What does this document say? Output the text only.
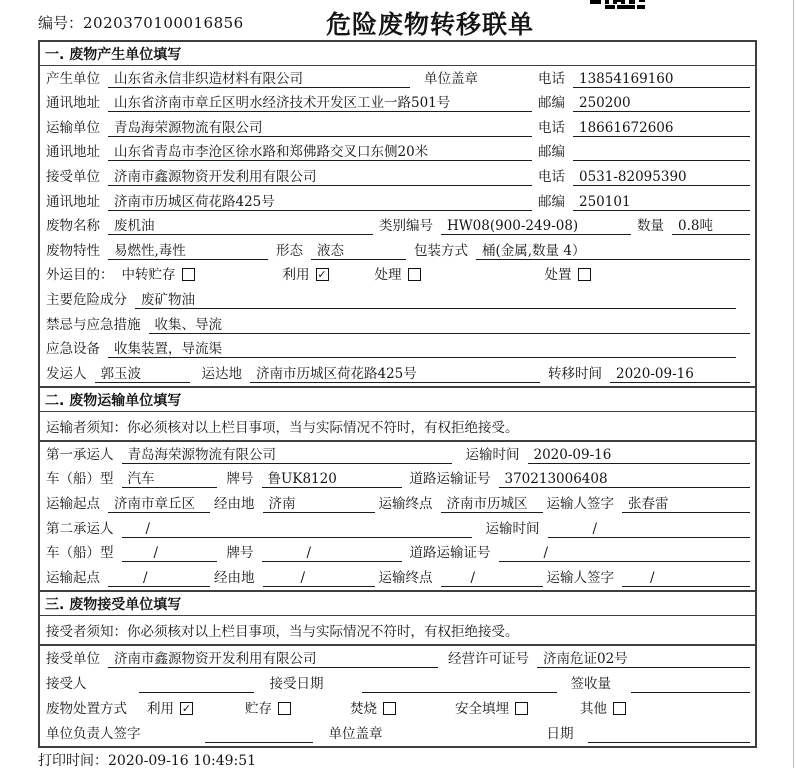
编号：2020370100016856	危险废物转移联单
一. 废物产生单位填写
产生单位	山东省永信非织造材料有限公司	单位盖章	电话	13854169160
通讯地址	山东省济南市章丘区明水经济技术开发区工业一路501号	邮编	250200
运输单位	青岛海荣源物流有限公司	电话	18661672606
通讯地址	山东省青岛市李沧区徐水路和郑佛路交叉口东侧20米	邮编
接受单位	济南市鑫源物资开发利用有限公司	电话	0531-82095390
通讯地址	济南市历城区荷花路425号	邮编	250101
废物名称	废机油	类别编号	HW08(900-249-08)	数量	0.8吨
废物特性	易燃性,毒性	形态	液态	包装方式	桶(金属,数量 4）
外运目的： 中转贮存	利用 ✓	处理	处置
主要危险成分	废矿物油
禁忌与应急措施	收集、导流
应急设备	收集装置，导流渠
发运人	郭玉波	运达地	济南市历城区荷花路425号	转移时间	2020-09-16
二. 废物运输单位填写
运输者须知： 你必须核对以上栏目事项，当与实际情况不符时，有权拒绝接受。
第一承运人	青岛海荣源物流有限公司	运输时间	2020-09-16
车（船）型	汽车	牌号	鲁UK8120	道路运输证号	370213006408
运输起点	济南市章丘区	经由地	济南	运输终点	济南市历城区	运输人签字	张春雷
第二承运人	/	运输时间	/
车（船）型	/	牌号	/	道路运输证号	/
运输起点	/	经由地	/	运输终点	/	运输人签字	/
三. 废物接受单位填写
接受者须知： 你必须核对以上栏目事项，当与实际情况不符时，有权拒绝接受。
接受单位	济南市鑫源物资开发利用有限公司	经营许可证号	济南危证02号
接受人	接受日期	签收量
废物处置方式	利用 ✓	贮存	焚烧	安全填埋	其他
单位负责人签字	单位盖章	日期
打印时间：2020-09-16 10:49:51
